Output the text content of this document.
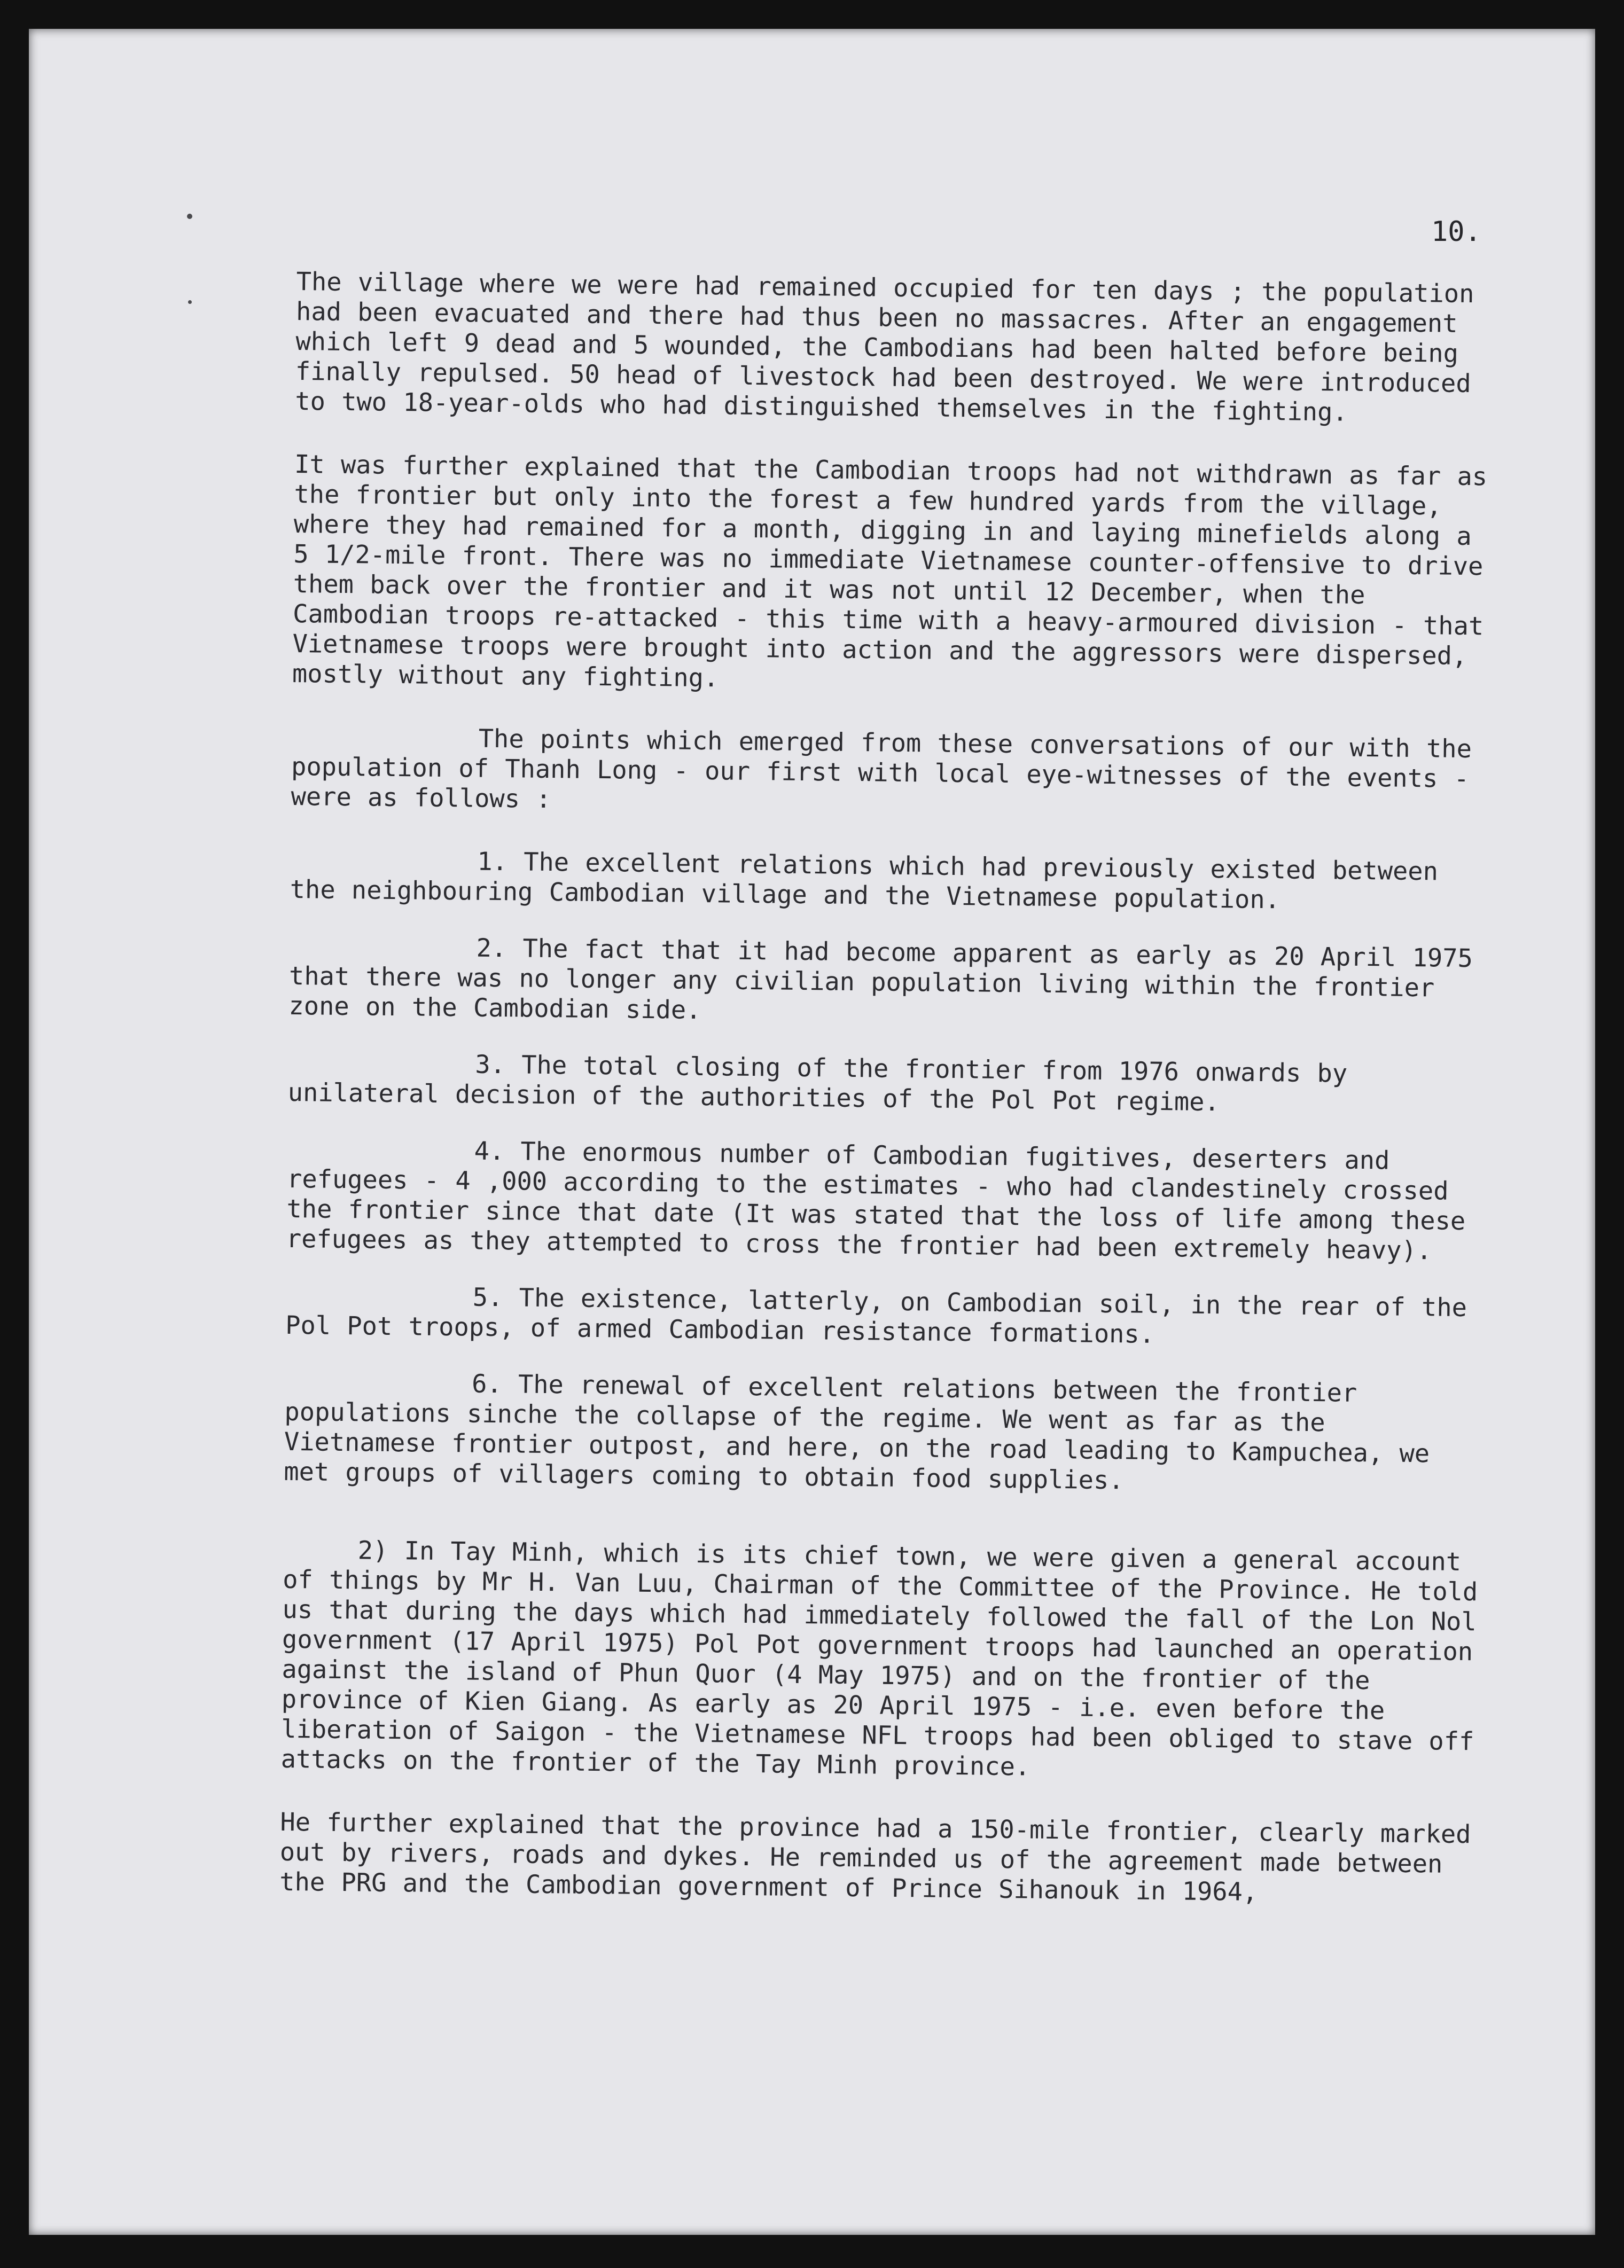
10.

The village where we were had remained occupied for ten days ; the population had been evacuated and there had thus been no massacres. After an engagement which left 9 dead and 5 wounded, the Cambodians had been halted before being finally repulsed. 50 head of livestock had been destroyed. We were introduced to two 18-year-olds who had distinguished themselves in the fighting.

It was further explained that the Cambodian troops had not withdrawn as far as the frontier but only into the forest a few hundred yards from the village, where they had remained for a month, digging in and laying minefields along a 5 1/2-mile front. There was no immediate Vietnamese counter-offensive to drive them back over the frontier and it was not until 12 December, when the Cambodian troops re-attacked - this time with a heavy-armoured division - that Vietnamese troops were brought into action and the aggressors were dispersed, mostly without any fighting.

The points which emerged from these conversations of our with the population of Thanh Long - our first with local eye-witnesses of the events - were as follows :

1. The excellent relations which had previously existed between the neighbouring Cambodian village and the Vietnamese population.

2. The fact that it had become apparent as early as 20 April 1975 that there was no longer any civilian population living within the frontier zone on the Cambodian side.

3. The total closing of the frontier from 1976 onwards by unilateral decision of the authorities of the Pol Pot regime.

4. The enormous number of Cambodian fugitives, deserters and refugees - 4 ,000 according to the estimates - who had clandestinely crossed the frontier since that date (It was stated that the loss of life among these refugees as they attempted to cross the frontier had been extremely heavy).

5. The existence, latterly, on Cambodian soil, in the rear of the Pol Pot troops, of armed Cambodian resistance formations.

6. The renewal of excellent relations between the frontier populations sinche the collapse of the regime. We went as far as the Vietnamese frontier outpost, and here, on the road leading to Kampuchea, we met groups of villagers coming to obtain food supplies.

2) In Tay Minh, which is its chief town, we were given a general account of things by Mr H. Van Luu, Chairman of the Committee of the Province. He told us that during the days which had immediately followed the fall of the Lon Nol government (17 April 1975) Pol Pot government troops had launched an operation against the island of Phun Quor (4 May 1975) and on the frontier of the province of Kien Giang. As early as 20 April 1975 - i.e. even before the liberation of Saigon - the Vietnamese NFL troops had been obliged to stave off attacks on the frontier of the Tay Minh province.

He further explained that the province had a 150-mile frontier, clearly marked out by rivers, roads and dykes. He reminded us of the agreement made between the PRG and the Cambodian government of Prince Sihanouk in 1964,
